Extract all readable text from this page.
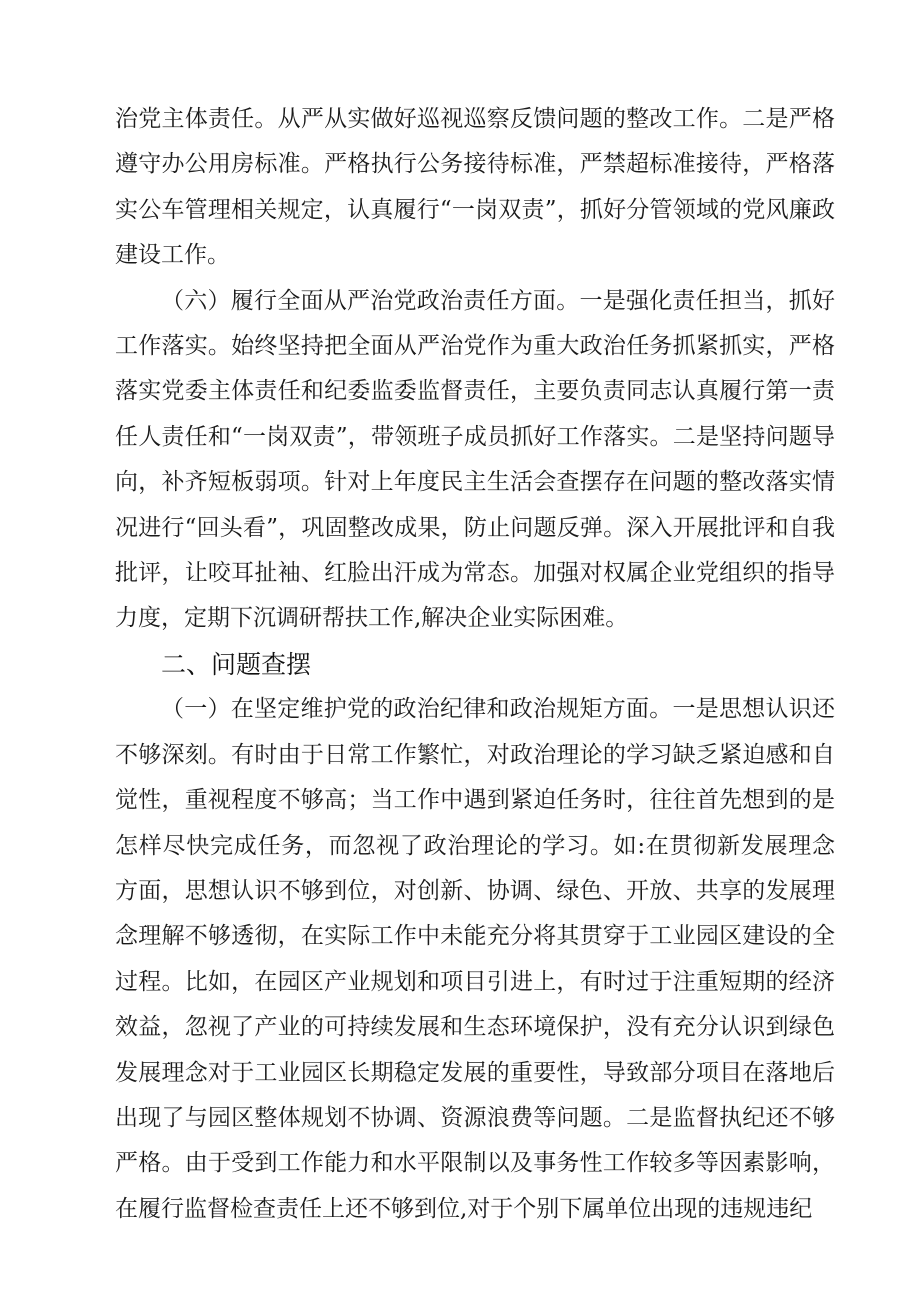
治党主体责任。从严从实做好巡视巡察反馈问题的整改工作。二是严格遵守办公用房标准。严格执行公务接待标准，严禁超标准接待，严格落实公车管理相关规定，认真履行“一岗双责”，抓好分管领域的党风廉政建设工作。

（六）履行全面从严治党政治责任方面。一是强化责任担当，抓好工作落实。始终坚持把全面从严治党作为重大政治任务抓紧抓实，严格落实党委主体责任和纪委监委监督责任，主要负责同志认真履行第一责任人责任和“一岗双责”，带领班子成员抓好工作落实。二是坚持问题导向，补齐短板弱项。针对上年度民主生活会查摆存在问题的整改落实情况进行“回头看”，巩固整改成果，防止问题反弹。深入开展批评和自我批评，让咬耳扯袖、红脸出汗成为常态。加强对权属企业党组织的指导力度，定期下沉调研帮扶工作,解决企业实际困难。

二、问题查摆

（一）在坚定维护党的政治纪律和政治规矩方面。一是思想认识还不够深刻。有时由于日常工作繁忙，对政治理论的学习缺乏紧迫感和自觉性，重视程度不够高；当工作中遇到紧迫任务时，往往首先想到的是怎样尽快完成任务，而忽视了政治理论的学习。如:在贯彻新发展理念方面，思想认识不够到位，对创新、协调、绿色、开放、共享的发展理念理解不够透彻，在实际工作中未能充分将其贯穿于工业园区建设的全过程。比如，在园区产业规划和项目引进上，有时过于注重短期的经济效益，忽视了产业的可持续发展和生态环境保护，没有充分认识到绿色发展理念对于工业园区长期稳定发展的重要性，导致部分项目在落地后出现了与园区整体规划不协调、资源浪费等问题。二是监督执纪还不够严格。由于受到工作能力和水平限制以及事务性工作较多等因素影响，在履行监督检查责任上还不够到位,对于个别下属单位出现的违规违纪
